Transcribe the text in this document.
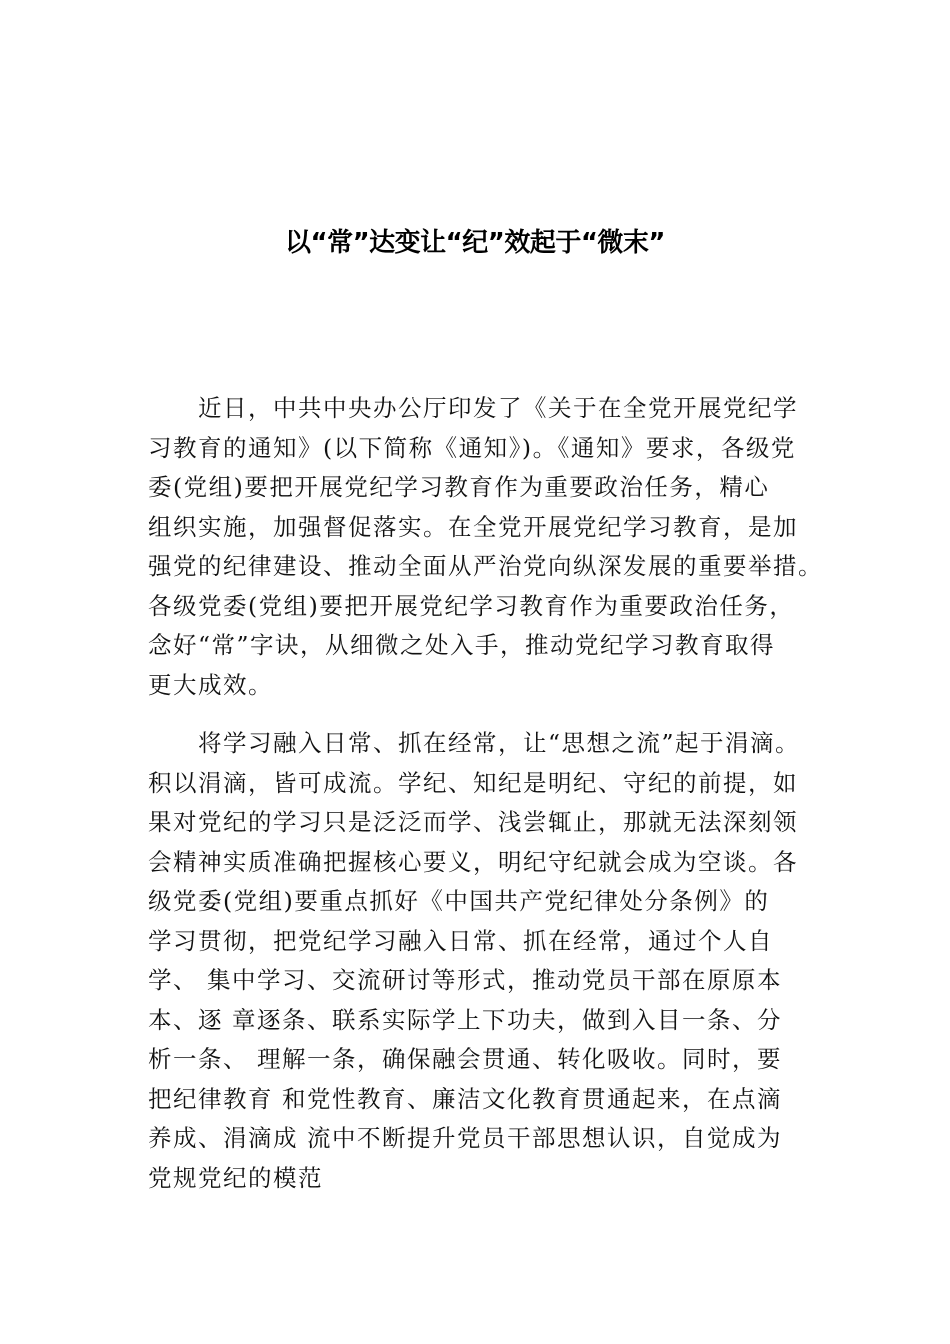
以“常”达变让“纪”效起于“微末”
近日，中共中央办公厅印发了《关于在全党开展党纪学
习教育的通知》(以下简称《通知》)。《通知》要求，各级党
委(党组)要把开展党纪学习教育作为重要政治任务，精心
组织实施，加强督促落实。在全党开展党纪学习教育，是加
强党的纪律建设、推动全面从严治党向纵深发展的重要举措。
各级党委(党组)要把开展党纪学习教育作为重要政治任务，
念好“常”字诀，从细微之处入手，推动党纪学习教育取得
更大成效。
将学习融入日常、抓在经常，让“思想之流”起于涓滴。
积以涓滴，皆可成流。学纪、知纪是明纪、守纪的前提，如
果对党纪的学习只是泛泛而学、浅尝辄止，那就无法深刻领
会精神实质准确把握核心要义，明纪守纪就会成为空谈。各
级党委(党组)要重点抓好《中国共产党纪律处分条例》的
学习贯彻，把党纪学习融入日常、抓在经常，通过个人自
学、 集中学习、交流研讨等形式，推动党员干部在原原本
本、逐 章逐条、联系实际学上下功夫，做到入目一条、分
析一条、 理解一条，确保融会贯通、转化吸收。同时，要
把纪律教育 和党性教育、廉洁文化教育贯通起来，在点滴
养成、涓滴成 流中不断提升党员干部思想认识，自觉成为
党规党纪的模范
